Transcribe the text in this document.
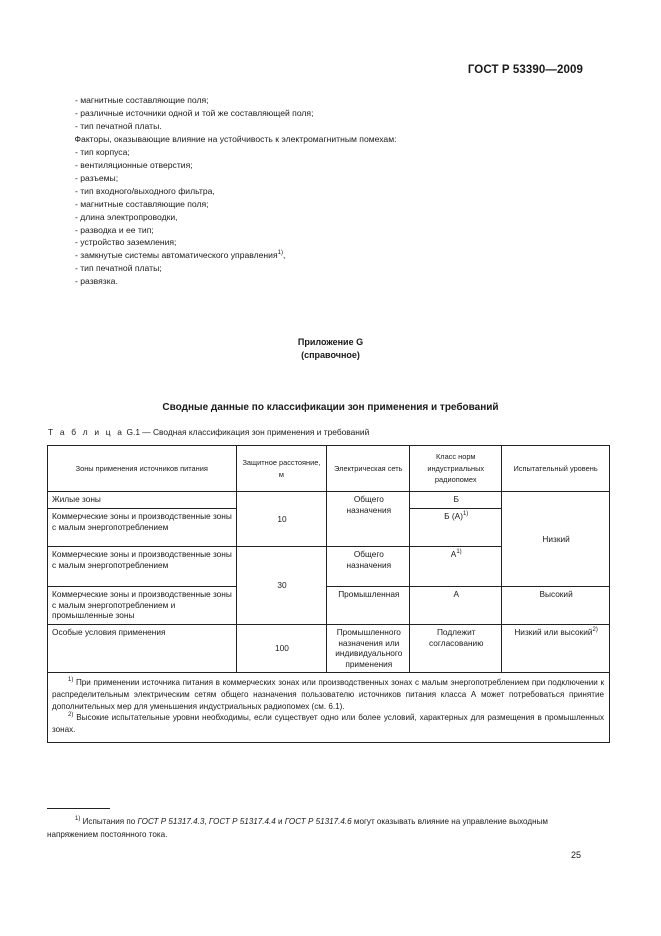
ГОСТ Р 53390—2009
- магнитные составляющие поля;
- различные источники одной и той же составляющей поля;
- тип печатной платы.
Факторы, оказывающие влияние на устойчивость к электромагнитным помехам:
- тип корпуса;
- вентиляционные отверстия;
- разъемы;
- тип входного/выходного фильтра,
- магнитные составляющие поля;
- длина электропроводки,
- разводка и ее тип;
- устройство заземления;
- замкнутые системы автоматического управления$^{1)}$,
- тип печатной платы;
- развязка.
Приложение G
(справочное)
Сводные данные по классификации зон применения и требований
Т а б л и ц а G.1 — Сводная классификация зон применения и требований
Зоны применения источников питания	Защитное расстояние, м	Электрическая сеть	Класс норм индустриальных радиопомех	Испытательный уровень
Жилые зоны	10	Общего назначения	Б	Низкий
Коммерческие зоны и производственные зоны с малым энергопотреблением			Б $(А)^{1)}$
Коммерческие зоны и производственные зоны с малым энергопотреблением	30	Общего назначения	$А^{1)}$
Коммерческие зоны и производственные зоны с малым энергопотреблением и промышленные зоны		Промышленная	А	Высокий
Особые условия применения	100	Промышленного назначения или индивидуального применения	Подлежит согласованию	Низкий или высокий$^{2)}$

$^{1)}$ При применении источника питания в коммерческих зонах или производственных зонах с малым энергопотреблением при подключении к распределительным электрическим сетям общего назначения пользователю источников питания класса А может потребоваться принятие дополнительных мер для уменьшения индустриальных радиопомех (см. 6.1).
$^{2)}$ Высокие испытательные уровни необходимы, если существует одно или более условий, характерных для размещения в промышленных зонах.				
$^{1)}$ Испытания по ГОСТ Р 51317.4.3, ГОСТ Р 51317.4.4 и ГОСТ Р 51317.4.6 могут оказывать влияние на управление выходным напряжением постоянного тока.
25
